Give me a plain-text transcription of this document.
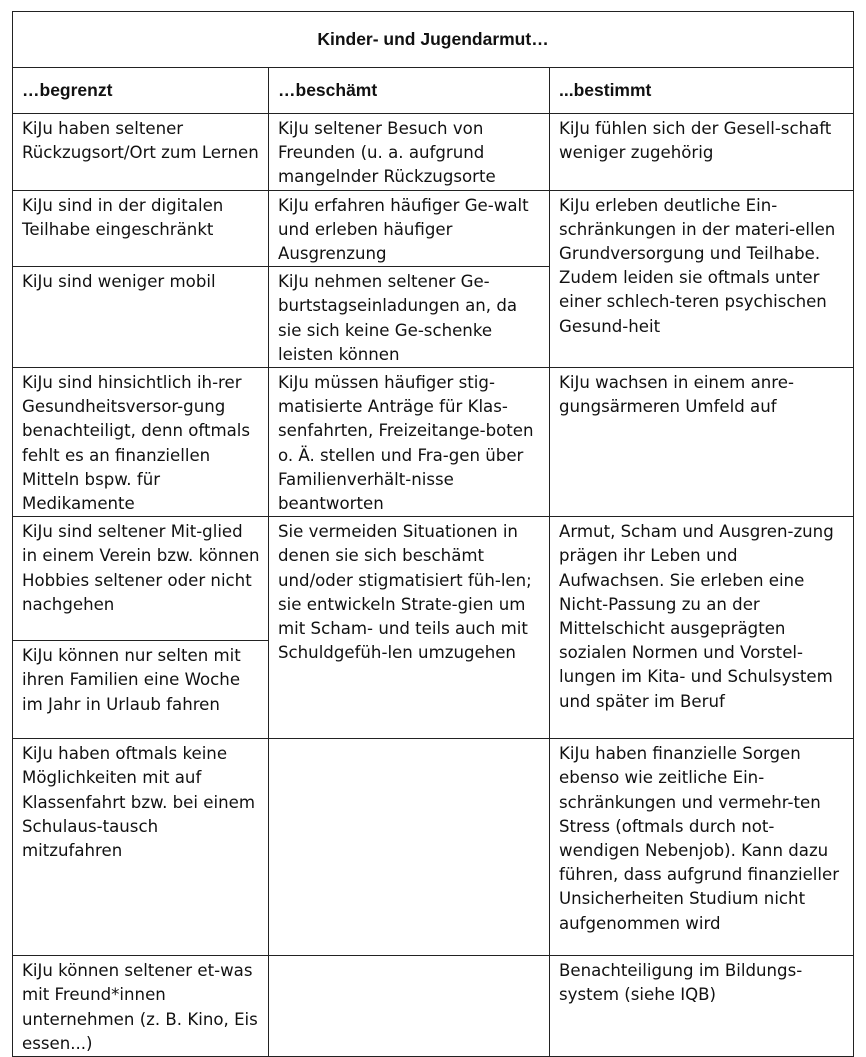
Kinder- und Jugendarmut…		
…begrenzt	…beschämt	...bestimmt

KiJu haben seltener Rückzugsort/Ort zum Lernen	KiJu seltener Besuch von Freunden (u. a. aufgrund mangelnder Rückzugsorte	KiJu fühlen sich der Gesell-schaft weniger zugehörig

KiJu sind in der digitalen Teilhabe eingeschränkt	KiJu erfahren häufiger Ge-walt und erleben häufiger Ausgrenzung	KiJu erleben deutliche Ein-schränkungen in der materi-ellen Grundversorgung und Teilhabe. Zudem leiden sie oftmals unter einer schlech-teren psychischen Gesund-heit

KiJu sind weniger mobil	KiJu nehmen seltener Ge-burtstagseinladungen an, da sie sich keine Ge-schenke leisten können	

KiJu sind hinsichtlich ih-rer Gesundheitsversor-gung benachteiligt, denn oftmals fehlt es an finanziellen Mitteln bspw. für Medikamente	KiJu müssen häufiger stig-matisierte Anträge für Klas-senfahrten, Freizeitange-boten o. Ä. stellen und Fra-gen über Familienverhält-nisse beantworten	KiJu wachsen in einem anre-gungsärmeren Umfeld auf

KiJu sind seltener Mit-glied in einem Verein bzw. können Hobbies seltener oder nicht nachgehen	Sie vermeiden Situationen in denen sie sich beschämt und/oder stigmatisiert füh-len; sie entwickeln Strate-gien um mit Scham- und teils auch mit Schuldgefüh-len umzugehen	Armut, Scham und Ausgren-zung prägen ihr Leben und Aufwachsen. Sie erleben eine Nicht-Passung zu an der Mittelschicht ausgeprägten sozialen Normen und Vorstel-lungen im Kita- und Schulsystem und später im Beruf

KiJu können nur selten mit ihren Familien eine Woche im Jahr in Urlaub fahren		

KiJu haben oftmals keine Möglichkeiten mit auf Klassenfahrt bzw. bei einem Schulaus-tausch mitzufahren		KiJu haben finanzielle Sorgen ebenso wie zeitliche Ein-schränkungen und vermehr-ten Stress (oftmals durch not-wendigen Nebenjob). Kann dazu führen, dass aufgrund finanzieller Unsicherheiten Studium nicht aufgenommen wird

KiJu können seltener et-was mit Freund*innen unternehmen (z. B. Kino, Eis essen...)		Benachteiligung im Bildungs-system (siehe IQB)
